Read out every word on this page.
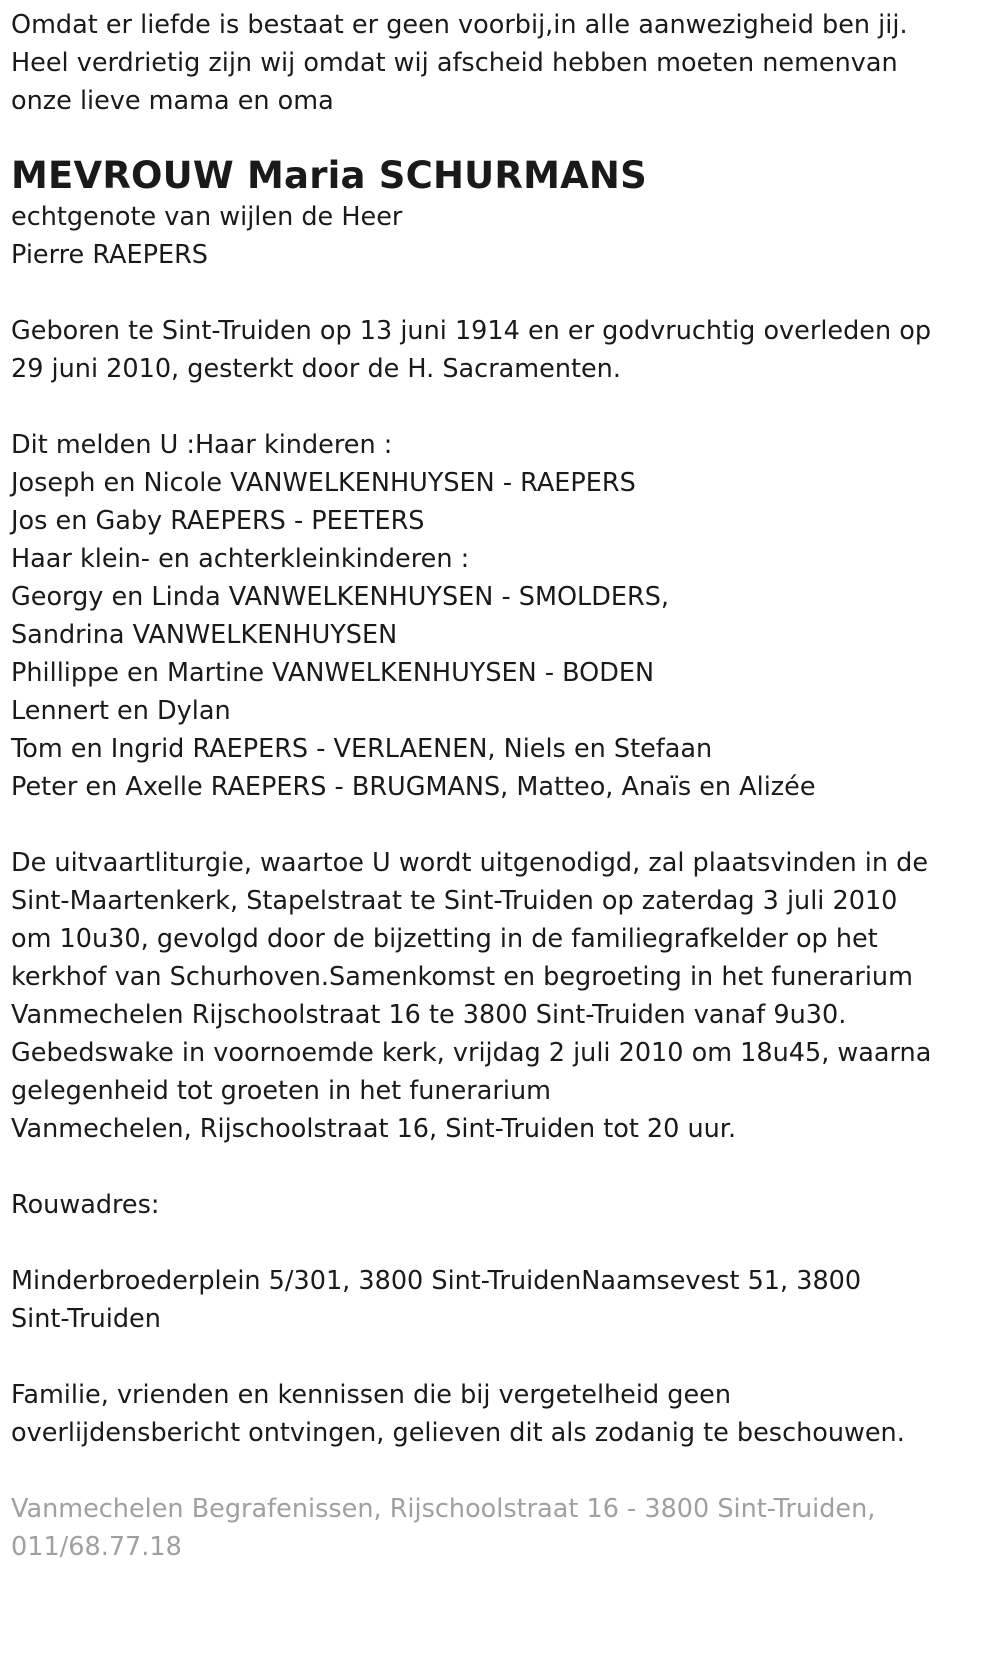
Omdat er liefde is bestaat er geen voorbij,in alle aanwezigheid ben jij.

Heel verdrietig zijn wij omdat wij afscheid hebben moeten nemenvan

onze lieve mama en oma

MEVROUW Maria SCHURMANS

echtgenote van wijlen de Heer

Pierre RAEPERS

Geboren te Sint-Truiden op 13 juni 1914 en er godvruchtig overleden op

29 juni 2010, gesterkt door de H. Sacramenten.

Dit melden U :Haar kinderen :

Joseph en Nicole VANWELKENHUYSEN - RAEPERS

Jos en Gaby RAEPERS - PEETERS

Haar klein- en achterkleinkinderen :

Georgy en Linda VANWELKENHUYSEN - SMOLDERS,

Sandrina VANWELKENHUYSEN

Phillippe en Martine VANWELKENHUYSEN - BODEN

Lennert en Dylan

Tom en Ingrid RAEPERS - VERLAENEN, Niels en Stefaan

Peter en Axelle RAEPERS - BRUGMANS, Matteo, Anaïs en Alizée

De uitvaartliturgie, waartoe U wordt uitgenodigd, zal plaatsvinden in de

Sint-Maartenkerk, Stapelstraat te Sint-Truiden op zaterdag 3 juli 2010

om 10u30, gevolgd door de bijzetting in de familiegrafkelder op het

kerkhof van Schurhoven.Samenkomst en begroeting in het funerarium

Vanmechelen Rijschoolstraat 16 te 3800 Sint-Truiden vanaf 9u30.

Gebedswake in voornoemde kerk, vrijdag 2 juli 2010 om 18u45, waarna

gelegenheid tot groeten in het funerarium

Vanmechelen, Rijschoolstraat 16, Sint-Truiden tot 20 uur.

Rouwadres:

Minderbroederplein 5/301, 3800 Sint-TruidenNaamsevest 51, 3800

Sint-Truiden

Familie, vrienden en kennissen die bij vergetelheid geen

overlijdensbericht ontvingen, gelieven dit als zodanig te beschouwen.

Vanmechelen Begrafenissen, Rijschoolstraat 16 - 3800 Sint-Truiden,

011/68.77.18
